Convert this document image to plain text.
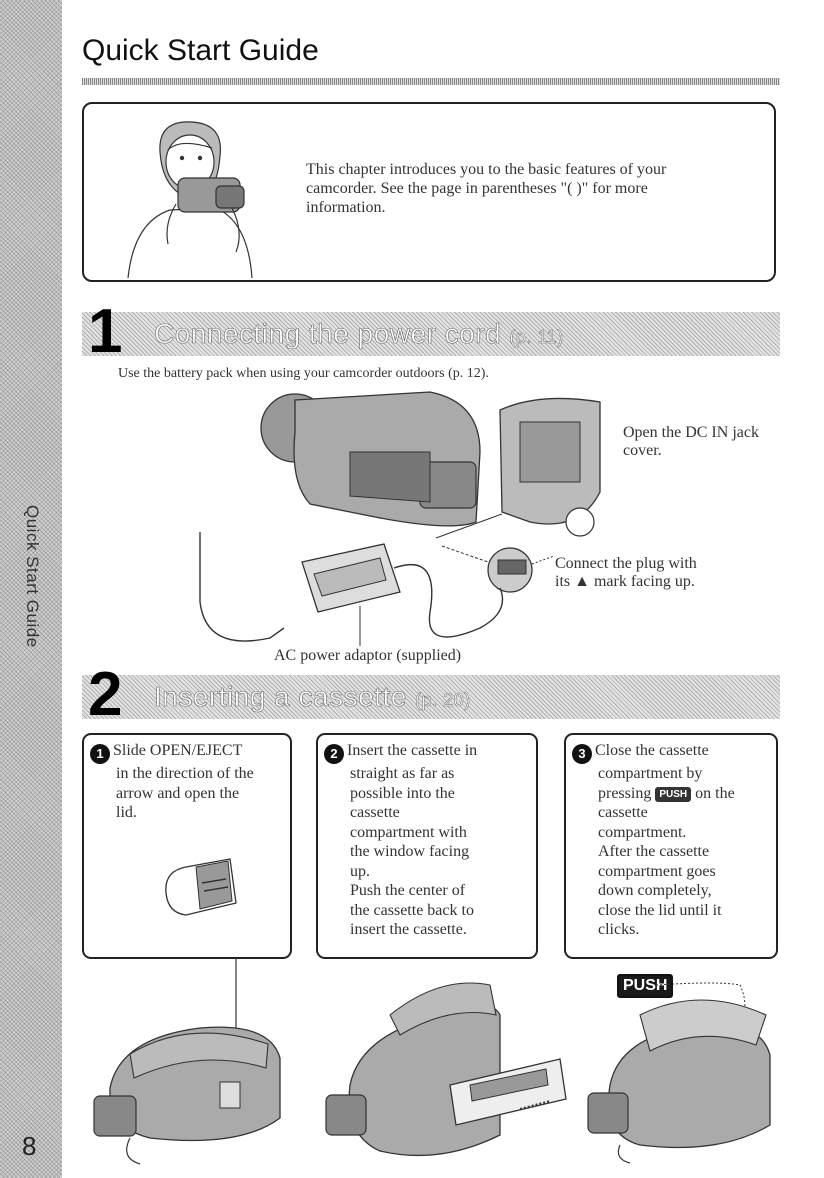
Quick Start Guide
8
Quick Start Guide
This chapter introduces you to the basic features of your camcorder. See the page in parentheses "( )" for more information.
1 Connecting the power cord (p. 11)
Use the battery pack when using your camcorder outdoors (p. 12).
Open the DC IN jack cover.
Connect the plug with
its ▲ mark facing up.
AC power adaptor (supplied)
2 Inserting a cassette (p. 20)
1 Slide OPEN/EJECT
in the direction of the
arrow and open the
lid.
2 Insert the cassette in
straight as far as
possible into the
cassette
compartment with
the window facing
up.
Push the center of
the cassette back to
insert the cassette.
3 Close the cassette
compartment by
pressing PUSH on the
cassette
compartment.
After the cassette
compartment goes
down completely,
close the lid until it
clicks.
PUSH
